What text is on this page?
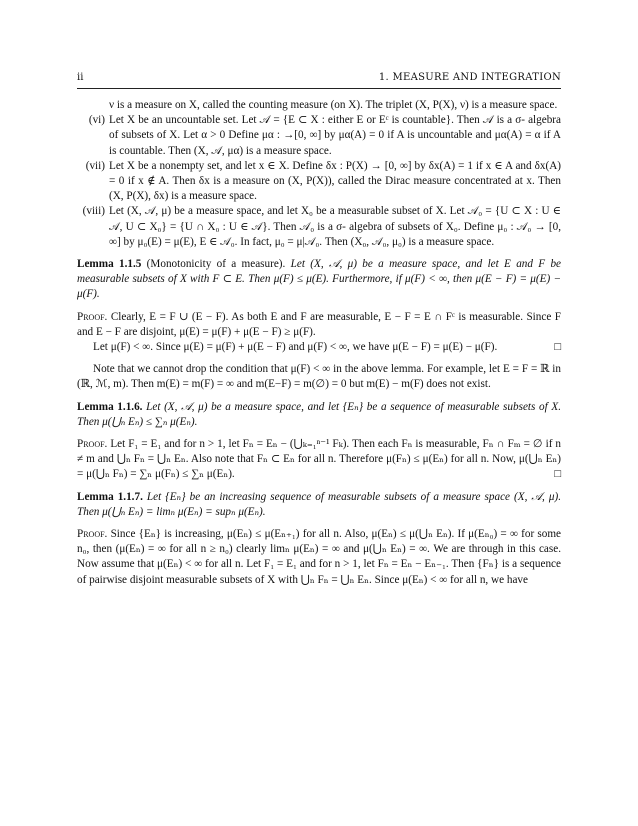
ii	1. MEASURE AND INTEGRATION
ν is a measure on X, called the counting measure (on X). The triplet (X, P(X), ν) is a measure space.
(vi) Let X be an uncountable set. Let 𝒜 = {E ⊂ X : either E or Eᶜ is countable}. Then 𝒜 is a σ- algebra of subsets of X. Let α > 0 Define μα : →[0, ∞] by μα(A) = 0 if A is uncountable and μα(A) = α if A is countable. Then (X, 𝒜, μα) is a measure space.
(vii) Let X be a nonempty set, and let x ∈ X. Define δx : P(X) → [0, ∞] by δx(A) = 1 if x ∈ A and δx(A) = 0 if x ∉ A. Then δx is a measure on (X, P(X)), called the Dirac measure concentrated at x. Then (X, P(X), δx) is a measure space.
(viii) Let (X, 𝒜, μ) be a measure space, and let X₀ be a measurable subset of X. Let 𝒜₀ = {U ⊂ X : U ∈ 𝒜, U ⊂ X₀} = {U ∩ X₀ : U ∈ 𝒜}. Then 𝒜₀ is a σ- algebra of subsets of X₀. Define μ₀ : 𝒜₀ → [0, ∞] by μ₀(E) = μ(E), E ∈ 𝒜₀. In fact, μ₀ = μ|𝒜₀. Then (X₀, 𝒜₀, μ₀) is a measure space.
Lemma 1.1.5 (Monotonicity of a measure). Let (X, 𝒜, μ) be a measure space, and let E and F be measurable subsets of X with F ⊂ E. Then μ(F) ≤ μ(E). Furthermore, if μ(F) < ∞, then μ(E − F) = μ(E) − μ(F).
Proof. Clearly, E = F ∪ (E − F). As both E and F are measurable, E − F = E ∩ Fᶜ is measurable. Since F and E − F are disjoint, μ(E) = μ(F) + μ(E − F) ≥ μ(F).
Let μ(F) < ∞. Since μ(E) = μ(F) + μ(E − F) and μ(F) < ∞, we have μ(E − F) = μ(E) − μ(F).	□
Note that we cannot drop the condition that μ(F) < ∞ in the above lemma. For example, let E = F = ℝ in (ℝ, ℳ, m). Then m(E) = m(F) = ∞ and m(E−F) = m(∅) = 0 but m(E) − m(F) does not exist.
Lemma 1.1.6. Let (X, 𝒜, μ) be a measure space, and let {Eₙ} be a sequence of measurable subsets of X. Then μ(⋃ₙ Eₙ) ≤ ∑ₙ μ(Eₙ).
Proof. Let F₁ = E₁ and for n > 1, let Fₙ = Eₙ − (⋃ₖ₌₁ⁿ⁻¹ Fₖ). Then each Fₙ is measurable, Fₙ ∩ Fₘ = ∅ if n ≠ m and ⋃ₙ Fₙ = ⋃ₙ Eₙ. Also note that Fₙ ⊂ Eₙ for all n. Therefore μ(Fₙ) ≤ μ(Eₙ) for all n. Now, μ(⋃ₙ Eₙ) = μ(⋃ₙ Fₙ) = ∑ₙ μ(Fₙ) ≤ ∑ₙ μ(Eₙ).	□
Lemma 1.1.7. Let {Eₙ} be an increasing sequence of measurable subsets of a measure space (X, 𝒜, μ). Then μ(⋃ₙ Eₙ) = limₙ μ(Eₙ) = supₙ μ(Eₙ).
Proof. Since {Eₙ} is increasing, μ(Eₙ) ≤ μ(Eₙ₊₁) for all n. Also, μ(Eₙ) ≤ μ(⋃ₙ Eₙ). If μ(Eₙ₀) = ∞ for some n₀, then (μ(Eₙ) = ∞ for all n ≥ n₀) clearly limₙ μ(Eₙ) = ∞ and μ(⋃ₙ Eₙ) = ∞. We are through in this case. Now assume that μ(Eₙ) < ∞ for all n. Let F₁ = E₁ and for n > 1, let Fₙ = Eₙ − Eₙ₋₁. Then {Fₙ} is a sequence of pairwise disjoint measurable subsets of X with ⋃ₙ Fₙ = ⋃ₙ Eₙ. Since μ(Eₙ) < ∞ for all n, we have
